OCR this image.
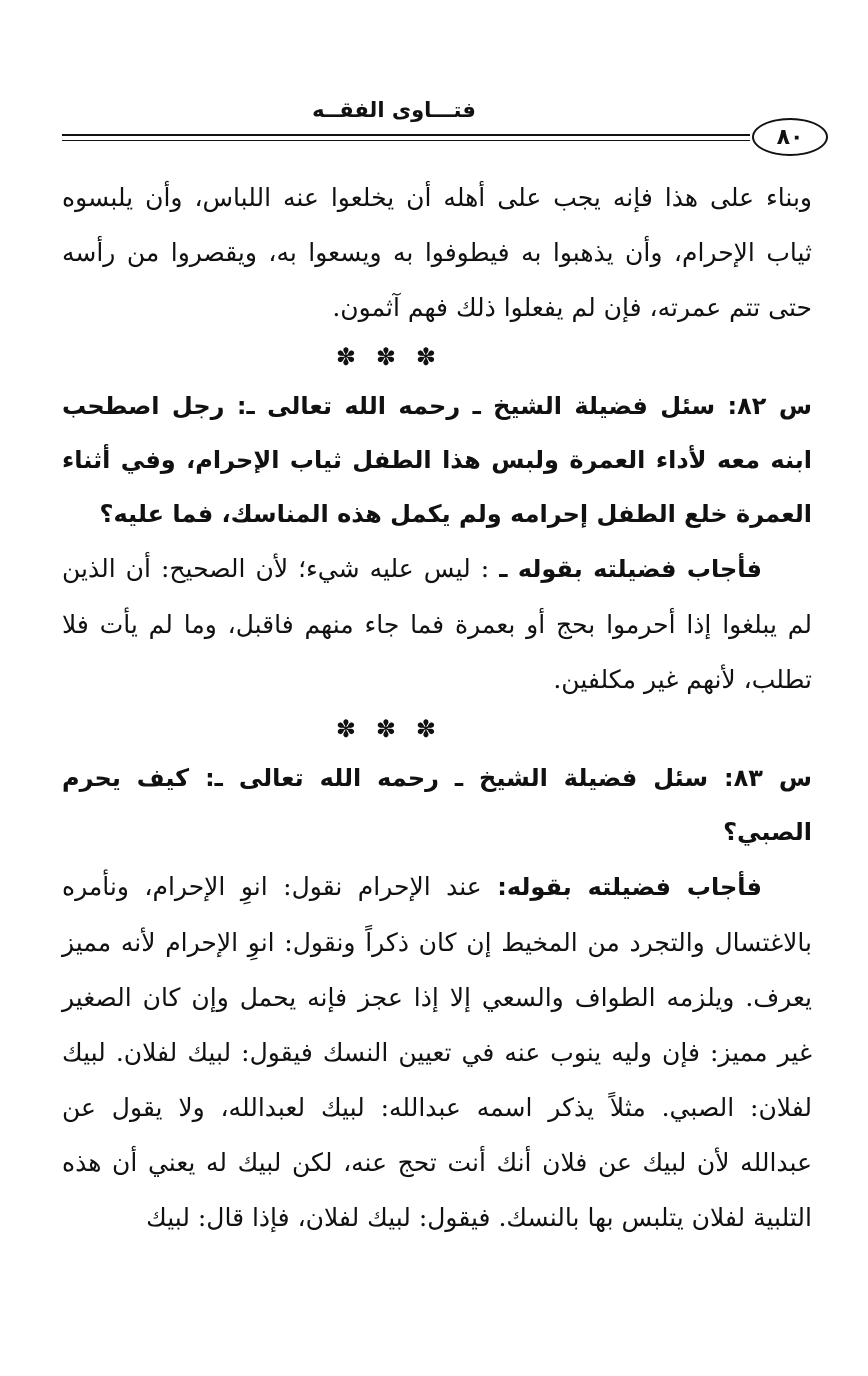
فتـــاوى الفقــه
٨٠

وبناء على هذا فإنه يجب على أهله أن يخلعوا عنه اللباس، وأن يلبسوه ثياب الإحرام، وأن يذهبوا به فيطوفوا به ويسعوا به، ويقصروا من رأسه حتى تتم عمرته، فإن لم يفعلوا ذلك فهم آثمون.

✽✽✽

س ٨٢: سئل فضيلة الشيخ ـ رحمه الله تعالى ـ: رجل اصطحب ابنه معه لأداء العمرة ولبس هذا الطفل ثياب الإحرام، وفي أثناء العمرة خلع الطفل إحرامه ولم يكمل هذه المناسك، فما عليه؟

فأجاب فضيلته بقوله ـ : ليس عليه شيء؛ لأن الصحيح: أن الذين لم يبلغوا إذا أحرموا بحج أو بعمرة فما جاء منهم فاقبل، وما لم يأت فلا تطلب، لأنهم غير مكلفين.

✽✽✽

س ٨٣: سئل فضيلة الشيخ ـ رحمه الله تعالى ـ: كيف يحرم الصبي؟

فأجاب فضيلته بقوله: عند الإحرام نقول: انوِ الإحرام، ونأمره بالاغتسال والتجرد من المخيط إن كان ذكراً ونقول: انوِ الإحرام لأنه مميز يعرف. ويلزمه الطواف والسعي إلا إذا عجز فإنه يحمل وإن كان الصغير غير مميز: فإن وليه ينوب عنه في تعيين النسك فيقول: لبيك لفلان. لبيك لفلان: الصبي. مثلاً يذكر اسمه عبدالله: لبيك لعبدالله، ولا يقول عن عبدالله لأن لبيك عن فلان أنك أنت تحج عنه، لكن لبيك له يعني أن هذه التلبية لفلان يتلبس بها بالنسك. فيقول: لبيك لفلان، فإذا قال: لبيك
